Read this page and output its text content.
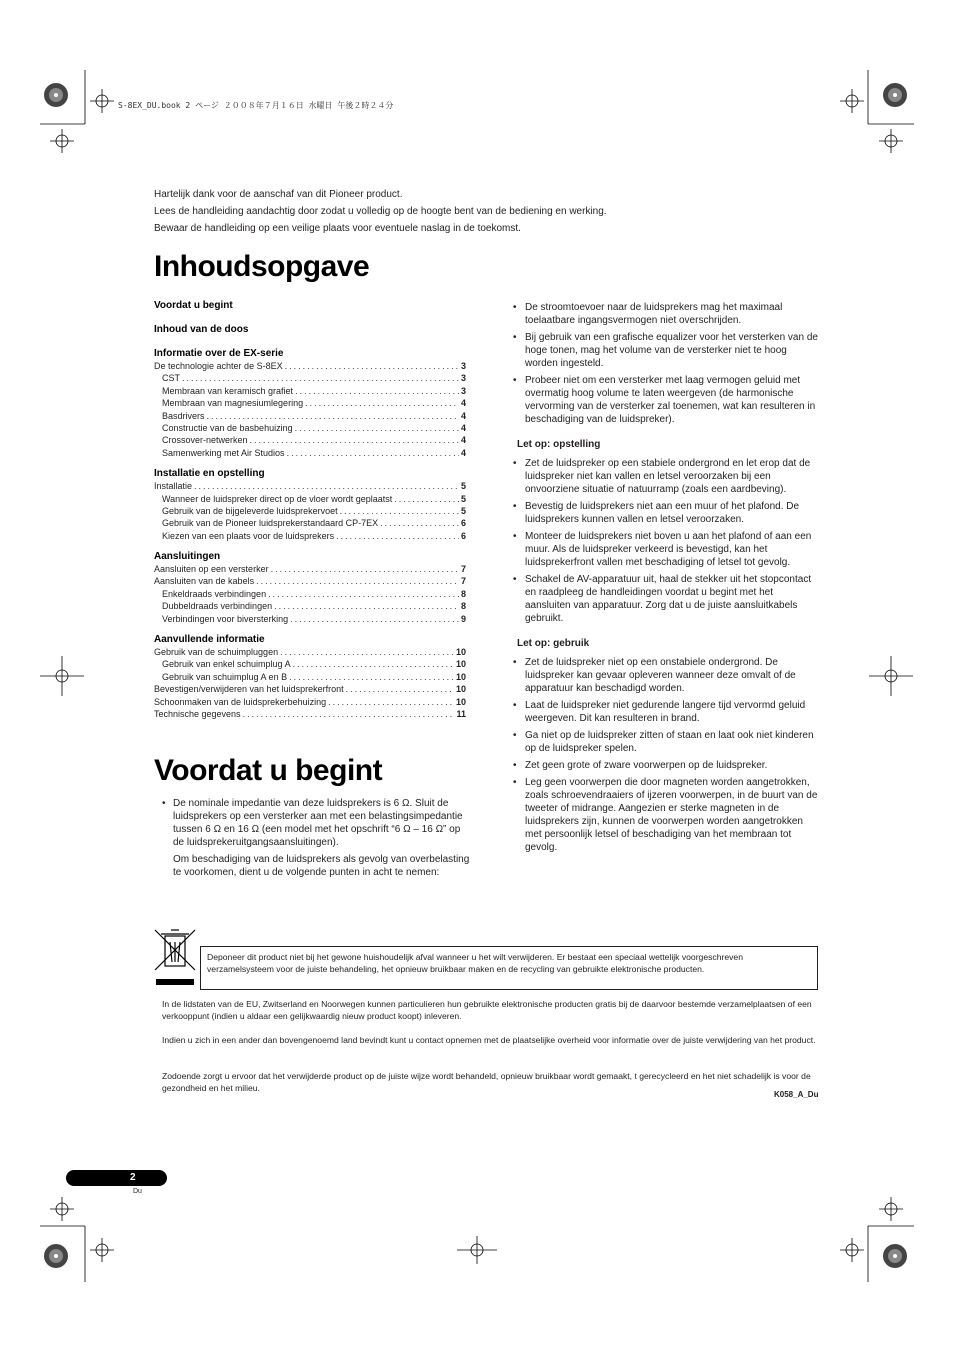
S-8EX_DU.book 2 ページ ２００８年７月１６日 水曜日 午後２時２４分
Hartelijk dank voor de aanschaf van dit Pioneer product.
Lees de handleiding aandachtig door zodat u volledig op de hoogte bent van de bediening en werking.
Bewaar de handleiding op een veilige plaats voor eventuele naslag in de toekomst.
Inhoudsopgave
Voordat u begint
Inhoud van de doos
Informatie over de EX-serie
De technologie achter de S-8EX .....	3
CST .....	3
Membraan van keramisch grafiet .....	3
Membraan van magnesiumlegering .....	4
Basdrivers .....	4
Constructie van de basbehuizing .....	4
Crossover-netwerken .....	4
Samenwerking met Air Studios .....	4
Installatie en opstelling
Installatie .....	5
Wanneer de luidspreker direct op de vloer wordt geplaatst .....	5
Gebruik van de bijgeleverde luidsprekervoet .....	5
Gebruik van de Pioneer luidsprekerstandaard CP-7EX .....	6
Kiezen van een plaats voor de luidsprekers .....	6
Aansluitingen
Aansluiten op een versterker .....	7
Aansluiten van de kabels .....	7
Enkeldraads verbindingen .....	8
Dubbeldraads verbindingen .....	8
Verbindingen voor biversterking .....	9
Aanvullende informatie
Gebruik van de schuimpluggen .....	10
Gebruik van enkel schuimplug A .....	10
Gebruik van schuimplug A en B .....	10
Bevestigen/verwijderen van het luidsprekerfront .....	10
Schoonmaken van de luidsprekerbehuizing .....	10
Technische gegevens .....	11
Voordat u begint
• De nominale impedantie van deze luidsprekers is 6 Ω. Sluit de luidsprekers op een versterker aan met een belastingsimpedantie tussen 6 Ω en 16 Ω (een model met het opschrift “6 Ω – 16 Ω” op de luidsprekeruitgangsaansluitingen).

Om beschadiging van de luidsprekers als gevolg van overbelasting te voorkomen, dient u de volgende punten in acht te nemen:

• De stroomtoevoer naar de luidsprekers mag het maximaal toelaatbare ingangsvermogen niet overschrijden.
• Bij gebruik van een grafische equalizer voor het versterken van de hoge tonen, mag het volume van de versterker niet te hoog worden ingesteld.
• Probeer niet om een versterker met laag vermogen geluid met overmatig hoog volume te laten weergeven (de harmonische vervorming van de versterker zal toenemen, wat kan resulteren in beschadiging van de luidspreker).
Let op: opstelling
• Zet de luidspreker op een stabiele ondergrond en let erop dat de luidspreker niet kan vallen en letsel veroorzaken bij een onvoorziene situatie of natuurramp (zoals een aardbeving).
• Bevestig de luidsprekers niet aan een muur of het plafond. De luidsprekers kunnen vallen en letsel veroorzaken.
• Monteer de luidsprekers niet boven u aan het plafond of aan een muur. Als de luidspreker verkeerd is bevestigd, kan het luidsprekerfront vallen met beschadiging of letsel tot gevolg.
• Schakel de AV-apparatuur uit, haal de stekker uit het stopcontact en raadpleeg de handleidingen voordat u begint met het aansluiten van apparatuur. Zorg dat u de juiste aansluitkabels gebruikt.
Let op: gebruik
• Zet de luidspreker niet op een onstabiele ondergrond. De luidspreker kan gevaar opleveren wanneer deze omvalt of de apparatuur kan beschadigd worden.
• Laat de luidspreker niet gedurende langere tijd vervormd geluid weergeven. Dit kan resulteren in brand.
• Ga niet op de luidspreker zitten of staan en laat ook niet kinderen op de luidspreker spelen.
• Zet geen grote of zware voorwerpen op de luidspreker.
• Leg geen voorwerpen die door magneten worden aangetrokken, zoals schroevendraaiers of ijzeren voorwerpen, in de buurt van de tweeter of midrange. Aangezien er sterke magneten in de luidsprekers zijn, kunnen de voorwerpen worden aangetrokken met persoonlijk letsel of beschadiging van het membraan tot gevolg.
Deponeer dit product niet bij het gewone huishoudelijk afval wanneer u het wilt verwijderen. Er bestaat een speciaal wettelijk voorgeschreven verzamelsysteem voor de juiste behandeling, het opnieuw bruikbaar maken en de recycling van gebruikte elektronische producten.
In de lidstaten van de EU, Zwitserland en Noorwegen kunnen particulieren hun gebruikte elektronische producten gratis bij de daarvoor bestemde verzamelplaatsen of een verkooppunt (indien u aldaar een gelijkwaardig nieuw product koopt) inleveren.
Indien u zich in een ander dan bovengenoemd land bevindt kunt u contact opnemen met de plaatselijke overheid voor informatie over de juiste verwijdering van het product.
Zodoende zorgt u ervoor dat het verwijderde product op de juiste wijze wordt behandeld, opnieuw bruikbaar wordt gemaakt, t gerecycleerd en het niet schadelijk is voor de gezondheid en het milieu.
K058_A_Du
2
Du
